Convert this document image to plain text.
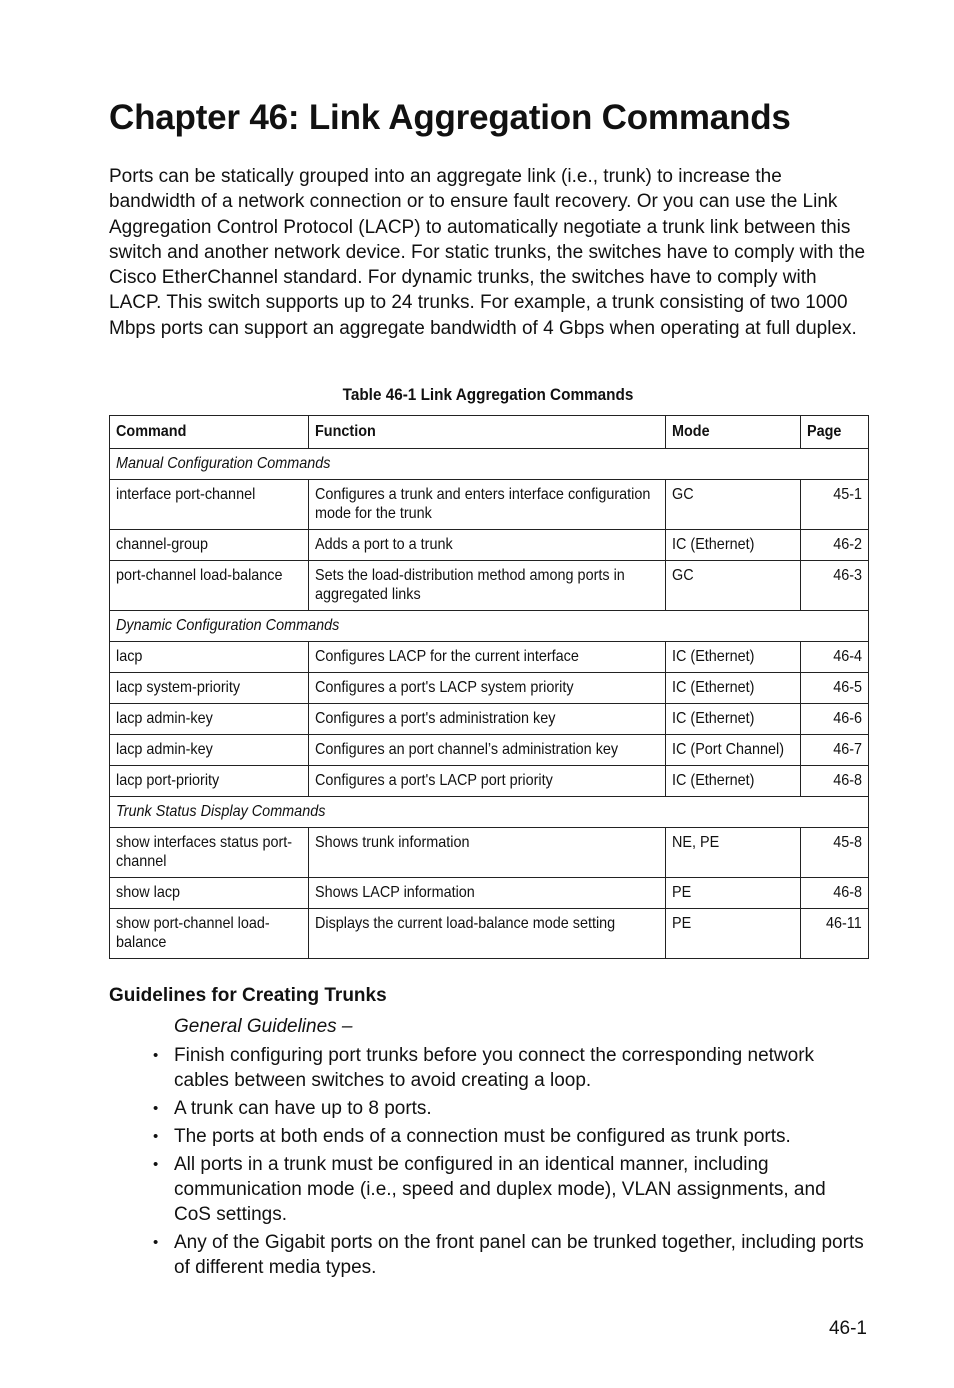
Chapter 46: Link Aggregation Commands

Ports can be statically grouped into an aggregate link (i.e., trunk) to increase the bandwidth of a network connection or to ensure fault recovery. Or you can use the Link Aggregation Control Protocol (LACP) to automatically negotiate a trunk link between this switch and another network device. For static trunks, the switches have to comply with the Cisco EtherChannel standard. For dynamic trunks, the switches have to comply with LACP. This switch supports up to 24 trunks. For example, a trunk consisting of two 1000 Mbps ports can support an aggregate bandwidth of 4 Gbps when operating at full duplex.

Table 46-1 Link Aggregation Commands
Command	Function	Mode	Page
Manual Configuration Commands			
interface port-channel	Configures a trunk and enters interface configuration mode for the trunk	GC	45-1
channel-group	Adds a port to a trunk	IC (Ethernet)	46-2
port-channel load-balance	Sets the load-distribution method among ports in aggregated links	GC	46-3
Dynamic Configuration Commands			
lacp	Configures LACP for the current interface	IC (Ethernet)	46-4
lacp system-priority	Configures a port's LACP system priority	IC (Ethernet)	46-5
lacp admin-key	Configures a port's administration key	IC (Ethernet)	46-6
lacp admin-key	Configures an port channel’s administration key	IC (Port Channel)	46-7
lacp port-priority	Configures a port's LACP port priority	IC (Ethernet)	46-8
Trunk Status Display Commands			
show interfaces status port-channel	Shows trunk information	NE, PE	45-8
show lacp	Shows LACP information	PE	46-8
show port-channel load-balance	Displays the current load-balance mode setting	PE	46-11
Guidelines for Creating Trunks
General Guidelines –
• Finish configuring port trunks before you connect the corresponding network cables between switches to avoid creating a loop.
• A trunk can have up to 8 ports.
• The ports at both ends of a connection must be configured as trunk ports.
• All ports in a trunk must be configured in an identical manner, including communication mode (i.e., speed and duplex mode), VLAN assignments, and CoS settings.
• Any of the Gigabit ports on the front panel can be trunked together, including ports of different media types.
46-1
